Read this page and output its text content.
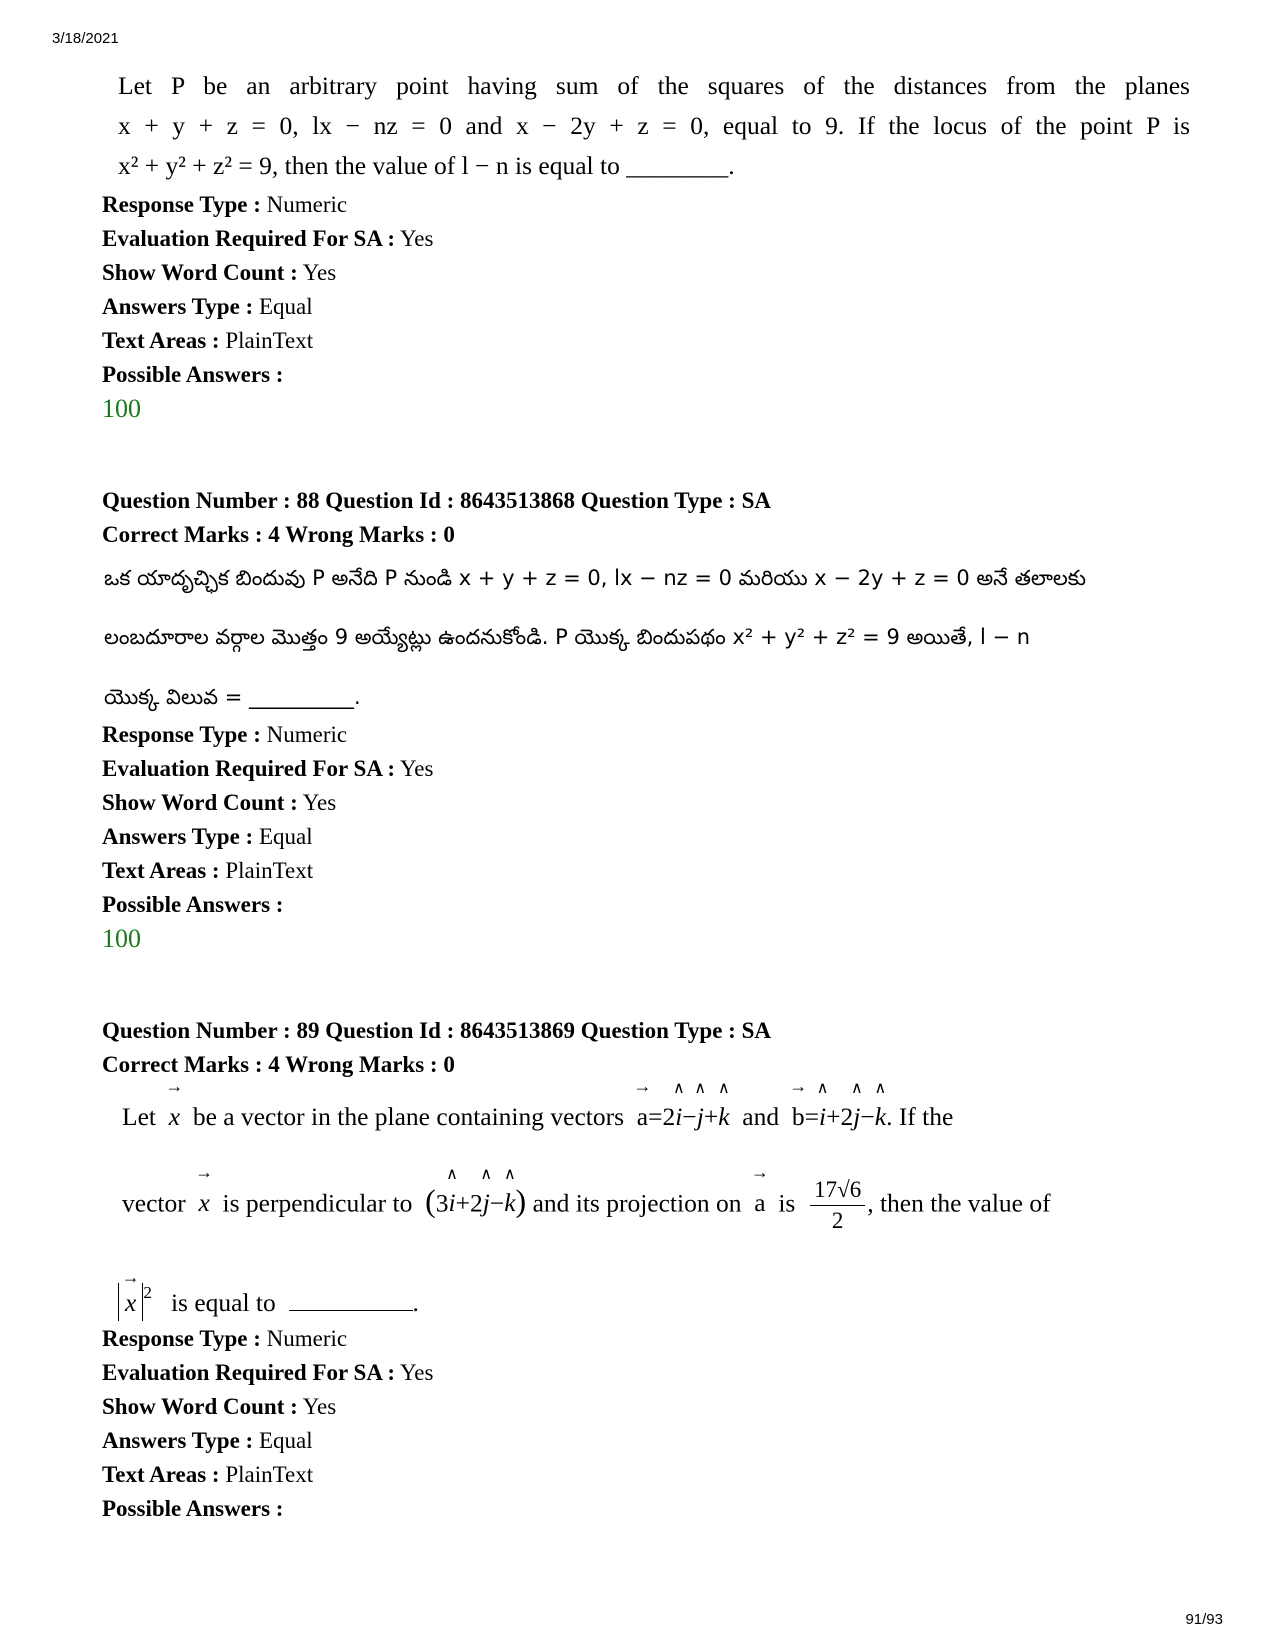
3/18/2021
Let P be an arbitrary point having sum of the squares of the distances from the planes
x + y + z = 0, lx − nz = 0 and x − 2y + z = 0, equal to 9. If the locus of the point P is
x² + y² + z² = 9, then the value of l − n is equal to ________.
Response Type : Numeric
Evaluation Required For SA : Yes
Show Word Count : Yes
Answers Type : Equal
Text Areas : PlainText
Possible Answers :
100
Question Number : 88 Question Id : 8643513868 Question Type : SA
Correct Marks : 4 Wrong Marks : 0
ఒక యాదృచ్ఛిక బిందువు P అనేది P నుండి x + y + z = 0, lx − nz = 0 మరియు x − 2y + z = 0 అనే తలాలకు
లంబదూరాల వర్గాల మొత్తం 9 అయ్యేట్లు ఉందనుకోండి. P యొక్క బిందుపథం x² + y² + z² = 9 అయితే, l − n
యొక్క విలువ = __________.
Response Type : Numeric
Evaluation Required For SA : Yes
Show Word Count : Yes
Answers Type : Equal
Text Areas : PlainText
Possible Answers :
100
Question Number : 89 Question Id : 8643513869 Question Type : SA
Correct Marks : 4 Wrong Marks : 0
Let → x be a vector in the plane containing vectors → a=2∧ i−∧ j+∧ k and → b=∧ i+2∧ j−∧ k. If the
vector → x is perpendicular to (3∧ i+2∧ j−∧ k) and its projection on → a is $\frac{17√6}{2}$ , then the value of
→ x $^2$ is equal to	.
Response Type : Numeric
Evaluation Required For SA : Yes
Show Word Count : Yes
Answers Type : Equal
Text Areas : PlainText
Possible Answers :
91/93
